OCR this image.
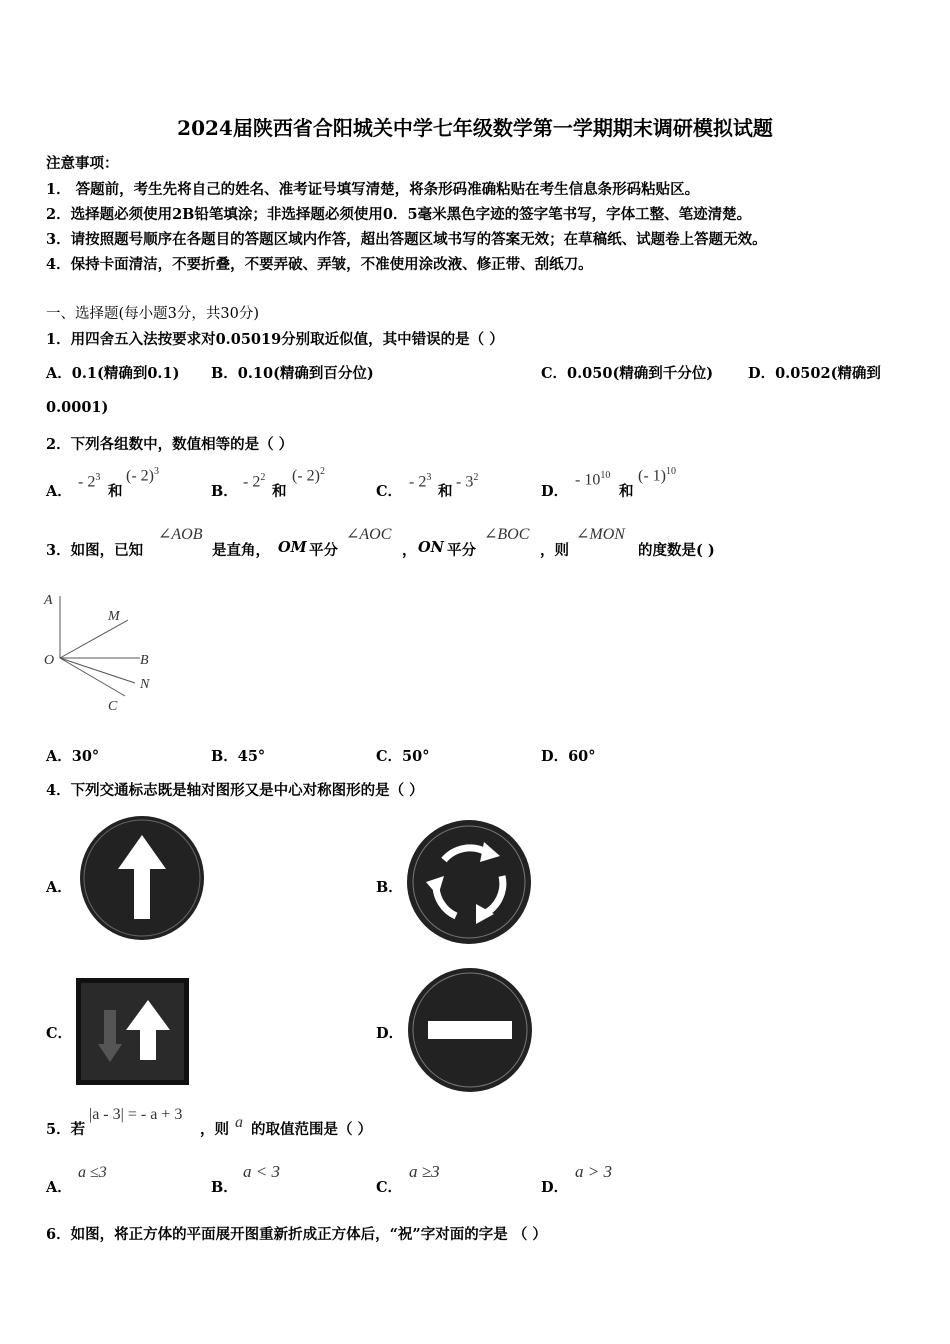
2024届陕西省合阳城关中学七年级数学第一学期期末调研模拟试题
注意事项：
1． 答题前，考生先将自己的姓名、准考证号填写清楚，将条形码准确粘贴在考生信息条形码粘贴区。
2．选择题必须使用2B铅笔填涂；非选择题必须使用0．5毫米黑色字迹的签字笔书写，字体工整、笔迹清楚。
3．请按照题号顺序在各题目的答题区域内作答，超出答题区域书写的答案无效；在草稿纸、试题卷上答题无效。
4．保持卡面清洁，不要折叠，不要弄破、弄皱，不准使用涂改液、修正带、刮纸刀。
一、选择题(每小题3分，共30分)
1．用四舍五入法按要求对0.05019分别取近似值，其中错误的是（ ）
A．0.1(精确到0.1) B．0.10(精确到百分位)	C．0.050(精确到千分位) D．0.0502(精确到
0.0001)
2．下列各组数中，数值相等的是（ ）
A．
- $2^3$
和
(- 2)$^3$
B．
- $2^2$
和
(- 2)$^2$
C．
- $2^3$
和
- $3^2$
D．
- $10^{10}$
和
(- 1)$^{10}$
3．如图，已知
∠AOB
是直角， OM 平分
∠AOC
， ON 平分
∠BOC
，则
∠MON
的度数是( )
A
M
O	B
N
C
A．30°	B．45°	C．50°	D．60°
4．下列交通标志既是轴对图形又是中心对称图形的是（ ）
A．	B．
C．	D．
5．若
|a - 3| = - a + 3
，则 a 的取值范围是（ ）
A．
a ≤3
B．
a < 3
C．
a ≥3
D．
a > 3
6．如图，将正方体的平面展开图重新折成正方体后，“祝”字对面的字是 （ ）
